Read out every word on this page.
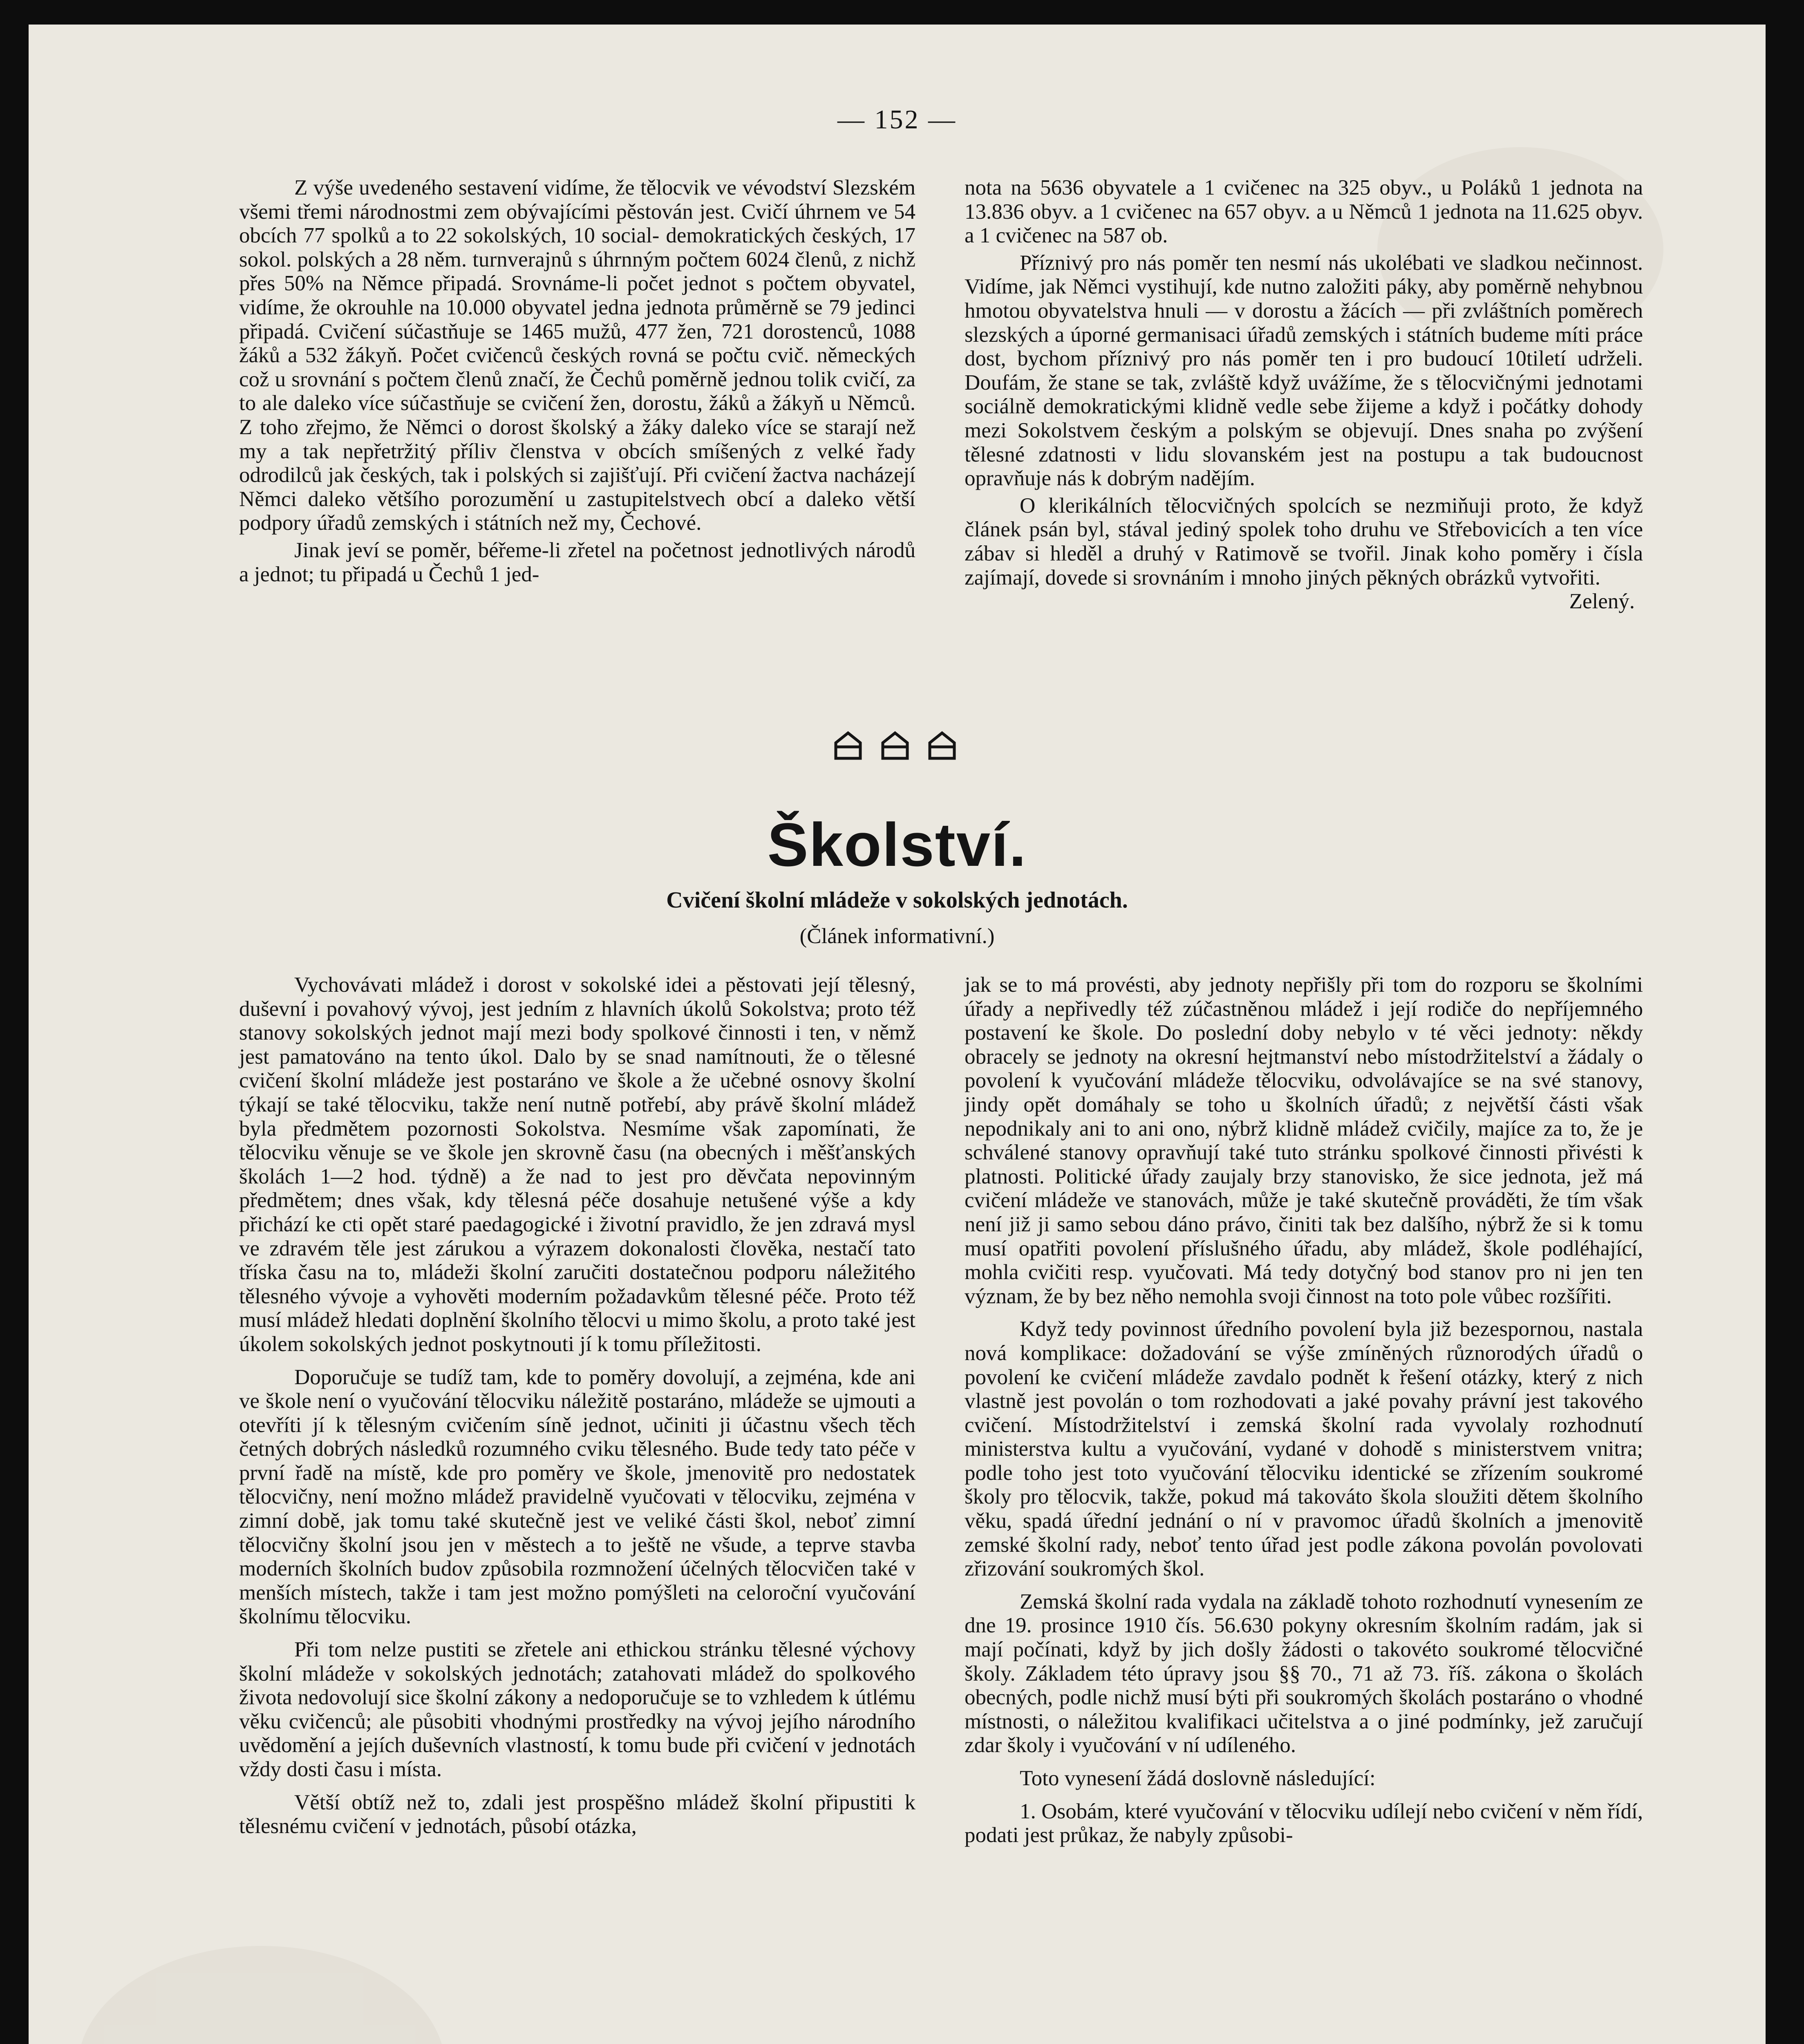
— 152 —

Z výše uvedeného sestavení vidíme, že tělocvik ve vévodství Slezském všemi třemi národnostmi zem obývajícími pěstován jest. Cvičí úhrnem ve 54 obcích 77 spolků a to 22 sokolských, 10 social- demokratických českých, 17 sokol. polských a 28 něm. turnverajnů s úhrnným počtem 6024 členů, z nichž přes 50% na Němce připadá. Srovnáme-li počet jednot s počtem obyvatel, vidíme, že okrouhle na 10.000 obyvatel jedna jednota průměrně se 79 jedinci připadá. Cvičení súčastňuje se 1465 mužů, 477 žen, 721 dorostenců, 1088 žáků a 532 žákyň. Počet cvičenců českých rovná se počtu cvič. německých což u srovnání s počtem členů značí, že Čechů poměrně jednou tolik cvičí, za to ale daleko více súčastňuje se cvičení žen, dorostu, žáků a žákyň u Němců. Z toho zřejmo, že Němci o dorost školský a žáky daleko více se starají než my a tak nepřetržitý příliv členstva v obcích smíšených z velké řady odrodilců jak českých, tak i polských si zajišťují. Při cvičení žactva nacházejí Němci daleko většího porozumění u zastupitelstvech obcí a daleko větší podpory úřadů zemských i státních než my, Čechové.

Jinak jeví se poměr, béřeme-li zřetel na početnost jednotlivých národů a jednot; tu připadá u Čechů 1 jed-

nota na 5636 obyvatele a 1 cvičenec na 325 obyv., u Poláků 1 jednota na 13.836 obyv. a 1 cvičenec na 657 obyv. a u Němců 1 jednota na 11.625 obyv. a 1 cvičenec na 587 ob.

Příznivý pro nás poměr ten nesmí nás ukolébati ve sladkou nečinnost. Vidíme, jak Němci vystihují, kde nutno založiti páky, aby poměrně nehybnou hmotou obyvatelstva hnuli — v dorostu a žácích — při zvláštních poměrech slezských a úporné germanisaci úřadů zemských i státních budeme míti práce dost, bychom příznivý pro nás poměr ten i pro budoucí 10tiletí udrželi. Doufám, že stane se tak, zvláště když uvážíme, že s tělocvičnými jednotami sociálně demokratickými klidně vedle sebe žijeme a když i počátky dohody mezi Sokolstvem českým a polským se objevují. Dnes snaha po zvýšení tělesné zdatnosti v lidu slovanském jest na postupu a tak budoucnost opravňuje nás k dobrým nadějím.

O klerikálních tělocvičných spolcích se nezmiňuji proto, že když článek psán byl, stával jediný spolek toho druhu ve Střebovicích a ten více zábav si hleděl a druhý v Ratimově se tvořil. Jinak koho poměry i čísla zajímají, dovede si srovnáním i mnoho jiných pěkných obrázků vytvořiti.
Zelený.

Školství.
Cvičení školní mládeže v sokolských jednotách.
(Článek informativní.)

Vychovávati mládež i dorost v sokolské idei a pěstovati její tělesný, duševní i povahový vývoj, jest jedním z hlavních úkolů Sokolstva; proto též stanovy sokolských jednot mají mezi body spolkové činnosti i ten, v němž jest pamatováno na tento úkol. Dalo by se snad namítnouti, že o tělesné cvičení školní mládeže jest postaráno ve škole a že učebné osnovy školní týkají se také tělocviku, takže není nutně potřebí, aby právě školní mládež byla předmětem pozornosti Sokolstva. Nesmíme však zapomínati, že tělocviku věnuje se ve škole jen skrovně času (na obecných i měšťanských školách 1—2 hod. týdně) a že nad to jest pro děvčata nepovinným předmětem; dnes však, kdy tělesná péče dosahuje netušené výše a kdy přichází ke cti opět staré paedagogické i životní pravidlo, že jen zdravá mysl ve zdravém těle jest zárukou a výrazem dokonalosti člověka, nestačí tato tříska času na to, mládeži školní zaručiti dostatečnou podporu náležitého tělesného vývoje a vyhověti moderním požadavkům tělesné péče. Proto též musí mládež hledati doplnění školního tělocvi u mimo školu, a proto také jest úkolem sokolských jednot poskytnouti jí k tomu příležitosti.

Doporučuje se tudíž tam, kde to poměry dovolují, a zejména, kde ani ve škole není o vyučování tělocviku náležitě postaráno, mládeže se ujmouti a otevříti jí k tělesným cvičením síně jednot, učiniti ji účastnu všech těch četných dobrých následků rozumného cviku tělesného. Bude tedy tato péče v první řadě na místě, kde pro poměry ve škole, jmenovitě pro nedostatek tělocvičny, není možno mládež pravidelně vyučovati v tělocviku, zejména v zimní době, jak tomu také skutečně jest ve veliké části škol, neboť zimní tělocvičny školní jsou jen v městech a to ještě ne všude, a teprve stavba moderních školních budov způsobila rozmnožení účelných tělocvičen také v menších místech, takže i tam jest možno pomýšleti na celoroční vyučování školnímu tělocviku.

Při tom nelze pustiti se zřetele ani ethickou stránku tělesné výchovy školní mládeže v sokolských jednotách; zatahovati mládež do spolkového života nedovolují sice školní zákony a nedoporučuje se to vzhledem k útlému věku cvičenců; ale působiti vhodnými prostředky na vývoj jejího národního uvědomění a jejích duševních vlastností, k tomu bude při cvičení v jednotách vždy dosti času i místa.

Větší obtíž než to, zdali jest prospěšno mládež školní připustiti k tělesnému cvičení v jednotách, působí otázka,

jak se to má provésti, aby jednoty nepřišly při tom do rozporu se školními úřady a nepřivedly též zúčastněnou mládež i její rodiče do nepříjemného postavení ke škole. Do poslední doby nebylo v té věci jednoty: někdy obracely se jednoty na okresní hejtmanství nebo místodržitelství a žádaly o povolení k vyučování mládeže tělocviku, odvolávajíce se na své stanovy, jindy opět domáhaly se toho u školních úřadů; z největší části však nepodnikaly ani to ani ono, nýbrž klidně mládež cvičily, majíce za to, že je schválené stanovy opravňují také tuto stránku spolkové činnosti přivésti k platnosti. Politické úřady zaujaly brzy stanovisko, že sice jednota, jež má cvičení mládeže ve stanovách, může je také skutečně prováděti, že tím však není již ji samo sebou dáno právo, činiti tak bez dalšího, nýbrž že si k tomu musí opatřiti povolení příslušného úřadu, aby mládež, škole podléhající, mohla cvičiti resp. vyučovati. Má tedy dotyčný bod stanov pro ni jen ten význam, že by bez něho nemohla svoji činnost na toto pole vůbec rozšířiti.

Když tedy povinnost úředního povolení byla již bezespornou, nastala nová komplikace: dožadování se výše zmíněných různorodých úřadů o povolení ke cvičení mládeže zavdalo podnět k řešení otázky, který z nich vlastně jest povolán o tom rozhodovati a jaké povahy právní jest takového cvičení. Místodržitelství i zemská školní rada vyvolaly rozhodnutí ministerstva kultu a vyučování, vydané v dohodě s ministerstvem vnitra; podle toho jest toto vyučování tělocviku identické se zřízením soukromé školy pro tělocvik, takže, pokud má takováto škola sloužiti dětem školního věku, spadá úřední jednání o ní v pravomoc úřadů školních a jmenovitě zemské školní rady, neboť tento úřad jest podle zákona povolán povolovati zřizování soukromých škol.

Zemská školní rada vydala na základě tohoto rozhodnutí vynesením ze dne 19. prosince 1910 čís. 56.630 pokyny okresním školním radám, jak si mají počínati, když by jich došly žádosti o takovéto soukromé tělocvičné školy. Základem této úpravy jsou §§ 70., 71 až 73. říš. zákona o školách obecných, podle nichž musí býti při soukromých školách postaráno o vhodné místnosti, o náležitou kvalifikaci učitelstva a o jiné podmínky, jež zaručují zdar školy i vyučování v ní udíleného.

Toto vynesení žádá doslovně následující:

1. Osobám, které vyučování v tělocviku udílejí nebo cvičení v něm řídí, podati jest průkaz, že nabyly způsobi-
